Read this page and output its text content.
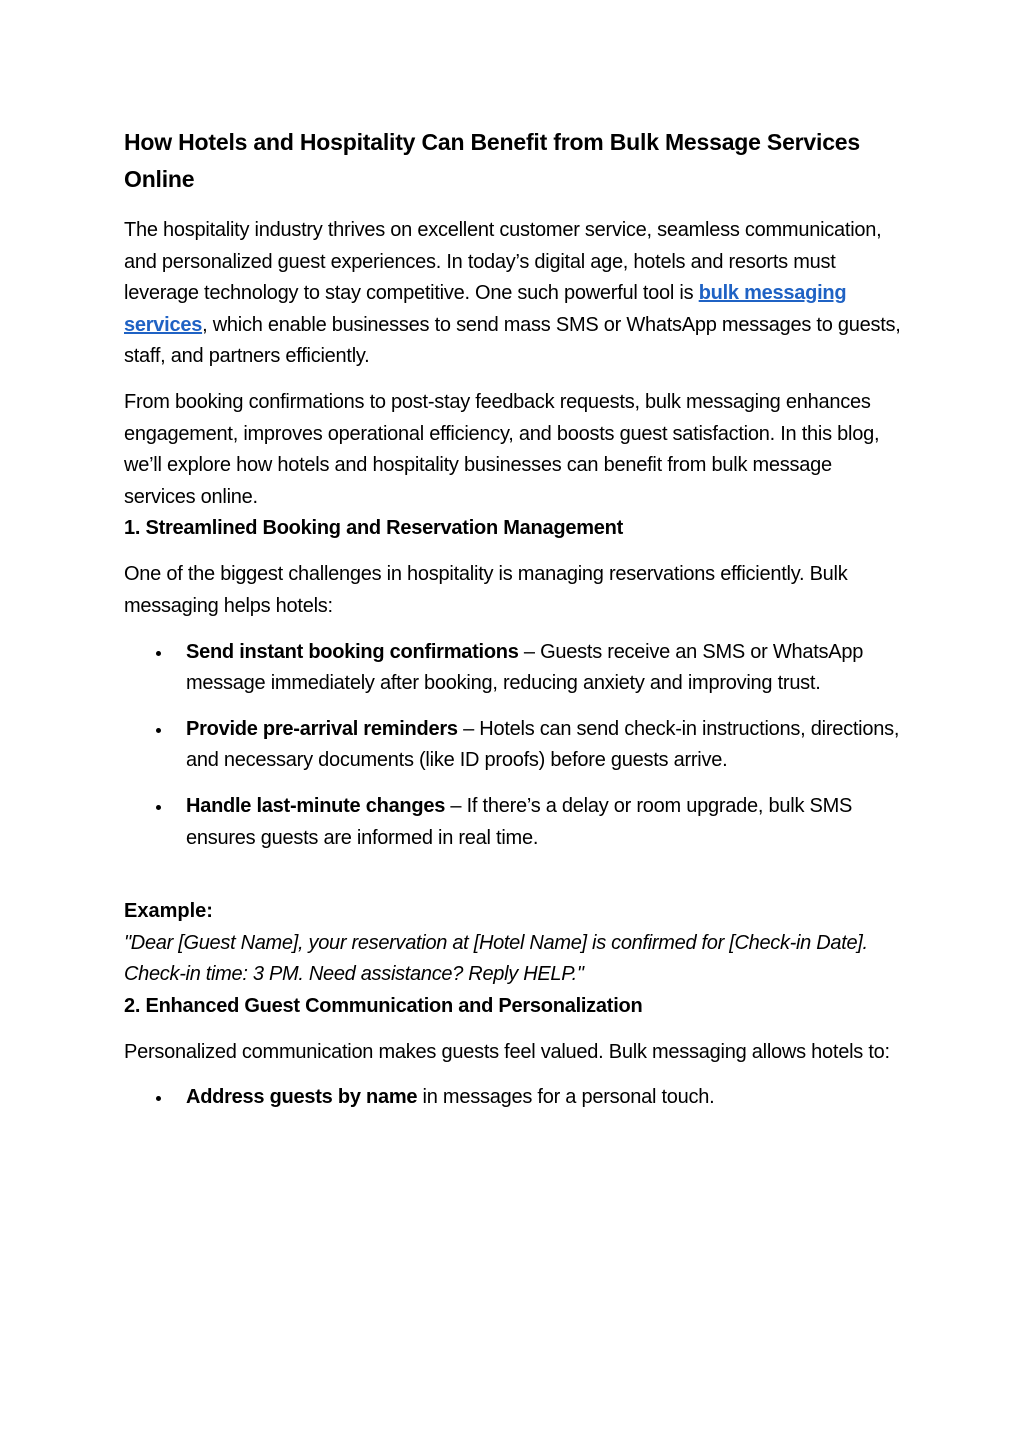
How Hotels and Hospitality Can Benefit from Bulk Message Services Online

The hospitality industry thrives on excellent customer service, seamless communication, and personalized guest experiences. In today’s digital age, hotels and resorts must leverage technology to stay competitive. One such powerful tool is bulk messaging services, which enable businesses to send mass SMS or WhatsApp messages to guests, staff, and partners efficiently.

From booking confirmations to post-stay feedback requests, bulk messaging enhances engagement, improves operational efficiency, and boosts guest satisfaction. In this blog, we’ll explore how hotels and hospitality businesses can benefit from bulk message services online.

1. Streamlined Booking and Reservation Management

One of the biggest challenges in hospitality is managing reservations efficiently. Bulk messaging helps hotels:

Send instant booking confirmations – Guests receive an SMS or WhatsApp message immediately after booking, reducing anxiety and improving trust.
Provide pre-arrival reminders – Hotels can send check-in instructions, directions, and necessary documents (like ID proofs) before guests arrive.
Handle last-minute changes – If there’s a delay or room upgrade, bulk SMS ensures guests are informed in real time.
Example:
"Dear [Guest Name], your reservation at [Hotel Name] is confirmed for [Check-in Date]. Check-in time: 3 PM. Need assistance? Reply HELP."
2. Enhanced Guest Communication and Personalization

Personalized communication makes guests feel valued. Bulk messaging allows hotels to:

Address guests by name in messages for a personal touch.
